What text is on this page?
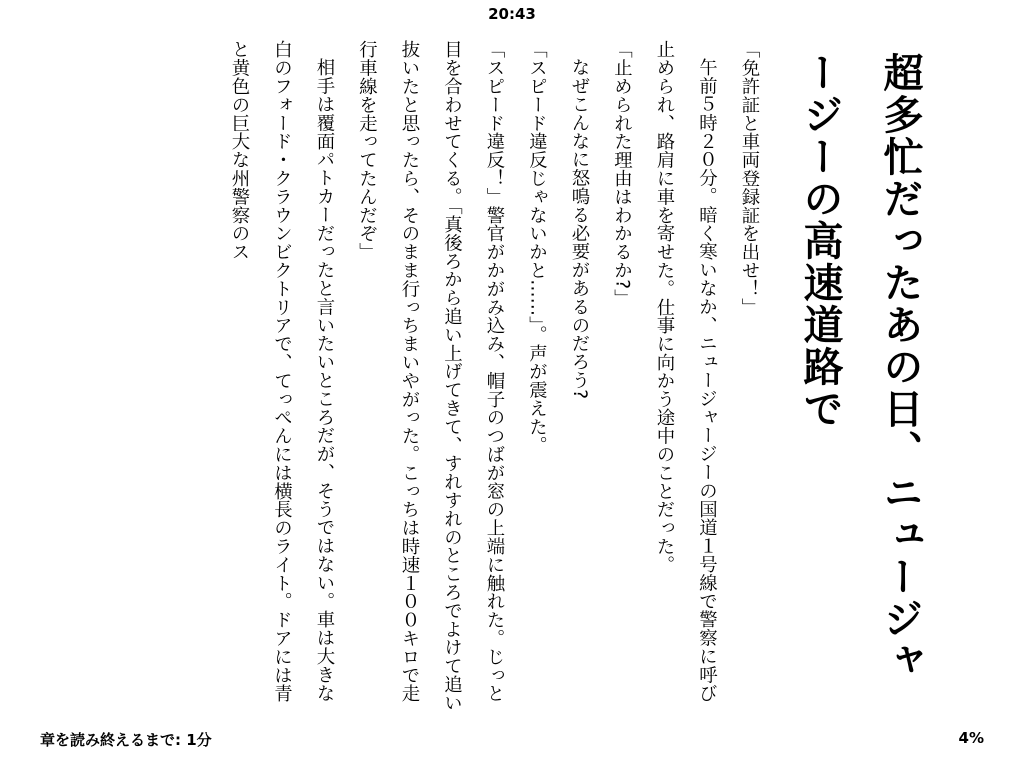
20:43
超多忙だったあの日、ニュージャージーの高速道路で

「免許証と車両登録証を出せ！」

午前５時２０分。暗く寒いなか、ニュージャージーの国道１号線で警察に呼び止められ、路肩に車を寄せた。仕事に向かう途中のことだった。

「止められた理由はわかるか?」

なぜこんなに怒鳴る必要があるのだろう?

「スピード違反じゃないかと……」。声が震えた。

「スピード違反！」警官がかがみ込み、帽子のつばが窓の上端に触れた。じっと目を合わせてくる。「真後ろから追い上げてきて、すれすれのところでよけて追い抜いたと思ったら、そのまま行っちまいやがった。こっちは時速１００キロで走行車線を走ってたんだぞ」

相手は覆面パトカーだったと言いたいところだが、そうではない。車は大きな白のフォード・クラウンビクトリアで、てっぺんには横長のライト。ドアには青と黄色の巨大な州警察のス

章を読み終えるまで: 1分	4%
